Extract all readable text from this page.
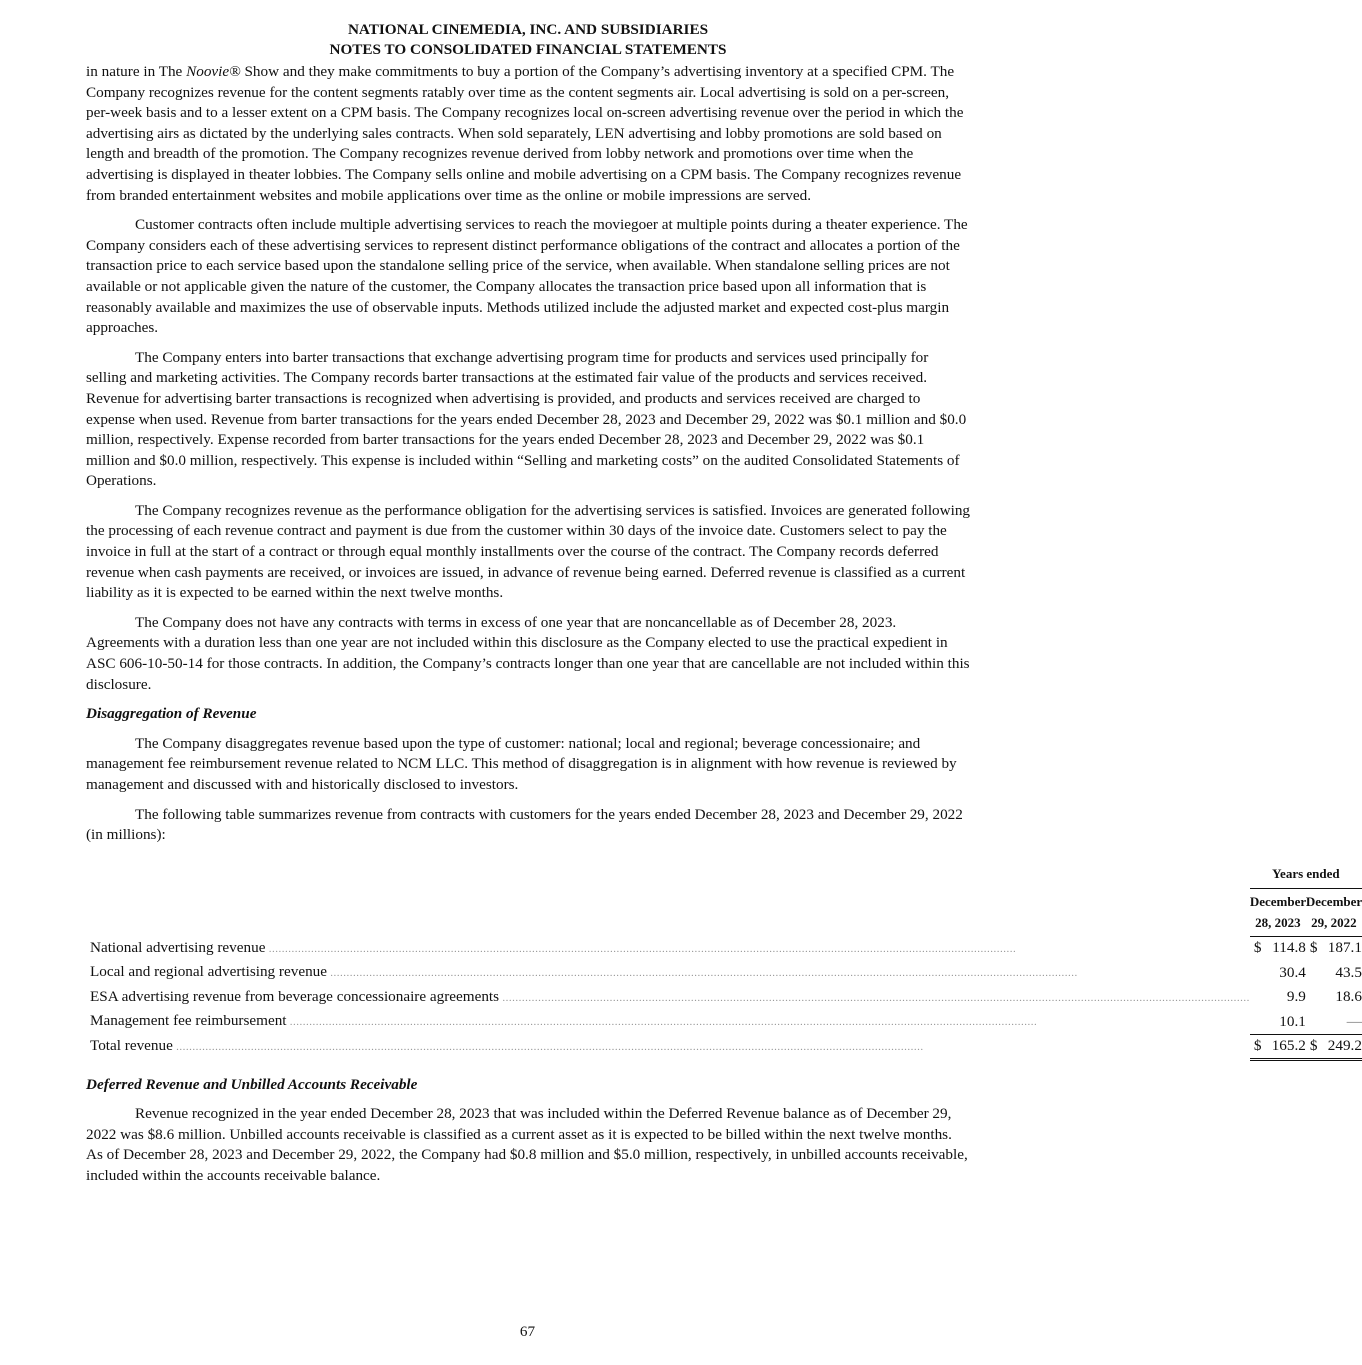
NATIONAL CINEMEDIA, INC. AND SUBSIDIARIES
NOTES TO CONSOLIDATED FINANCIAL STATEMENTS

in nature in The Noovie® Show and they make commitments to buy a portion of the Company’s advertising inventory at a specified CPM. The Company recognizes revenue for the content segments ratably over time as the content segments air. Local advertising is sold on a per-screen, per-week basis and to a lesser extent on a CPM basis. The Company recognizes local on-screen advertising revenue over the period in which the advertising airs as dictated by the underlying sales contracts. When sold separately, LEN advertising and lobby promotions are sold based on length and breadth of the promotion. The Company recognizes revenue derived from lobby network and promotions over time when the advertising is displayed in theater lobbies. The Company sells online and mobile advertising on a CPM basis. The Company recognizes revenue from branded entertainment websites and mobile applications over time as the online or mobile impressions are served.

Customer contracts often include multiple advertising services to reach the moviegoer at multiple points during a theater experience. The Company considers each of these advertising services to represent distinct performance obligations of the contract and allocates a portion of the transaction price to each service based upon the standalone selling price of the service, when available. When standalone selling prices are not available or not applicable given the nature of the customer, the Company allocates the transaction price based upon all information that is reasonably available and maximizes the use of observable inputs. Methods utilized include the adjusted market and expected cost-plus margin approaches.

The Company enters into barter transactions that exchange advertising program time for products and services used principally for selling and marketing activities. The Company records barter transactions at the estimated fair value of the products and services received. Revenue for advertising barter transactions is recognized when advertising is provided, and products and services received are charged to expense when used. Revenue from barter transactions for the years ended December 28, 2023 and December 29, 2022 was $0.1 million and $0.0 million, respectively. Expense recorded from barter transactions for the years ended December 28, 2023 and December 29, 2022 was $0.1 million and $0.0 million, respectively. This expense is included within “Selling and marketing costs” on the audited Consolidated Statements of Operations.

The Company recognizes revenue as the performance obligation for the advertising services is satisfied. Invoices are generated following the processing of each revenue contract and payment is due from the customer within 30 days of the invoice date. Customers select to pay the invoice in full at the start of a contract or through equal monthly installments over the course of the contract. The Company records deferred revenue when cash payments are received, or invoices are issued, in advance of revenue being earned. Deferred revenue is classified as a current liability as it is expected to be earned within the next twelve months.

The Company does not have any contracts with terms in excess of one year that are noncancellable as of December 28, 2023. Agreements with a duration less than one year are not included within this disclosure as the Company elected to use the practical expedient in ASC 606-10-50-14 for those contracts. In addition, the Company’s contracts longer than one year that are cancellable are not included within this disclosure.

Disaggregation of Revenue

The Company disaggregates revenue based upon the type of customer: national; local and regional; beverage concessionaire; and management fee reimbursement revenue related to NCM LLC. This method of disaggregation is in alignment with how revenue is reviewed by management and discussed with and historically disclosed to investors.

The following table summarizes revenue from contracts with customers for the years ended December 28, 2023 and December 29, 2022 (in millions):

		Years ended			
		December 28, 2023		December 29, 2022	
National advertising revenue .....		$	114.8		$	187.1
Local and regional advertising revenue .....			30.4			43.5
ESA advertising revenue from beverage concessionaire agreements .....			9.9			18.6
Management fee reimbursement .....			10.1			—
Total revenue .....		$	165.2		$	249.2

Deferred Revenue and Unbilled Accounts Receivable

Revenue recognized in the year ended December 28, 2023 that was included within the Deferred Revenue balance as of December 29, 2022 was $8.6 million. Unbilled accounts receivable is classified as a current asset as it is expected to be billed within the next twelve months. As of December 28, 2023 and December 29, 2022, the Company had $0.8 million and $5.0 million, respectively, in unbilled accounts receivable, included within the accounts receivable balance.

67
